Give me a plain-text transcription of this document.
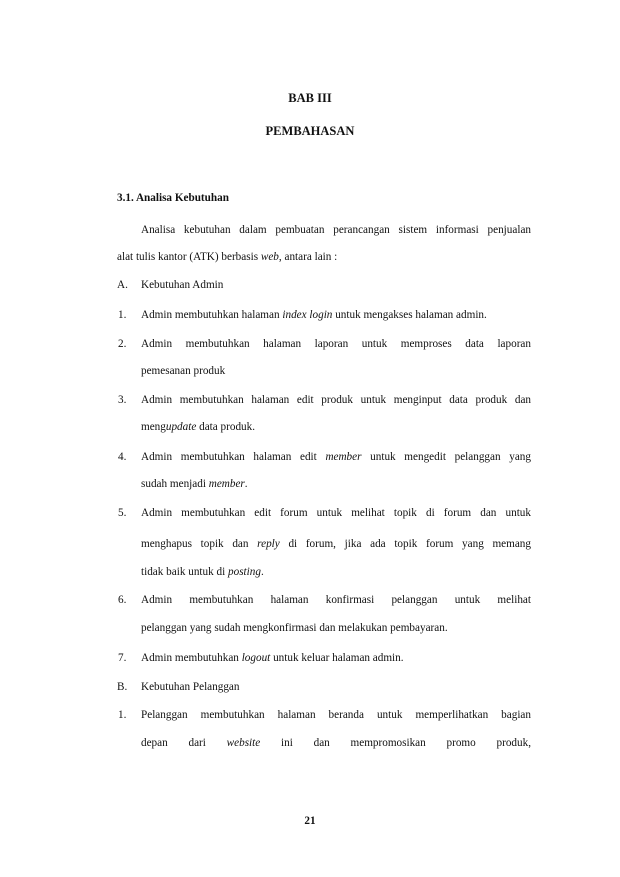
BAB III
PEMBAHASAN
3.1. Analisa Kebutuhan
Analisa kebutuhan dalam pembuatan perancangan sistem informasi penjualan
alat tulis kantor (ATK) berbasis web, antara lain :
A. Kebutuhan Admin
1. Admin membutuhkan halaman index login untuk mengakses halaman admin.
2. Admin membutuhkan halaman laporan untuk memproses data laporan
pemesanan produk
3. Admin membutuhkan halaman edit produk untuk menginput data produk dan
mengupdate data produk.
4. Admin membutuhkan halaman edit member untuk mengedit pelanggan yang
sudah menjadi member.
5. Admin membutuhkan edit forum untuk melihat topik di forum dan untuk
menghapus topik dan reply di forum, jika ada topik forum yang memang
tidak baik untuk di posting.
6. Admin membutuhkan halaman konfirmasi pelanggan untuk melihat
pelanggan yang sudah mengkonfirmasi dan melakukan pembayaran.
7. Admin membutuhkan logout untuk keluar halaman admin.
B. Kebutuhan Pelanggan
1. Pelanggan membutuhkan halaman beranda untuk memperlihatkan bagian
depan dari website ini dan mempromosikan promo produk,
21
